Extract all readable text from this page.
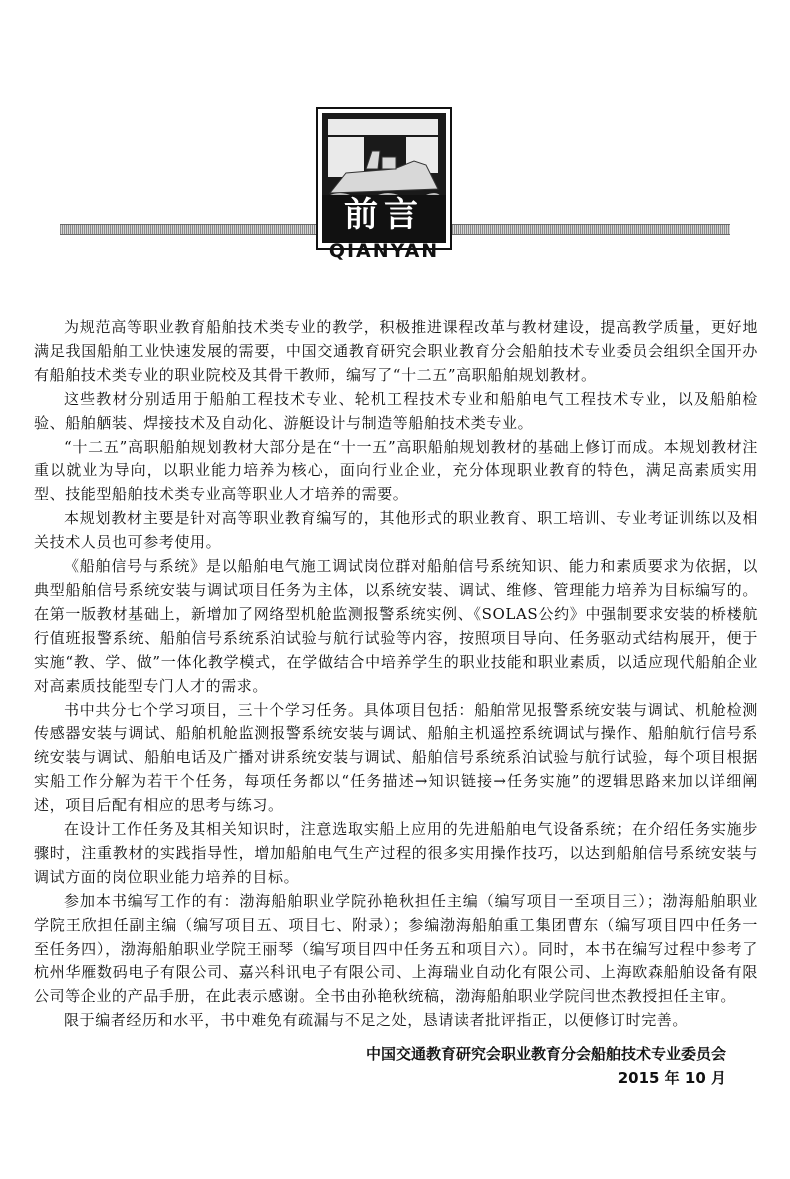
前言
QIANYAN

为规范高等职业教育船舶技术类专业的教学，积极推进课程改革与教材建设，提高教学质量，更好地满足我国船舶工业快速发展的需要，中国交通教育研究会职业教育分会船舶技术专业委员会组织全国开办有船舶技术类专业的职业院校及其骨干教师，编写了“十二五”高职船舶规划教材。

这些教材分别适用于船舶工程技术专业、轮机工程技术专业和船舶电气工程技术专业，以及船舶检验、船舶舾装、焊接技术及自动化、游艇设计与制造等船舶技术类专业。

“十二五”高职船舶规划教材大部分是在“十一五”高职船舶规划教材的基础上修订而成。本规划教材注重以就业为导向，以职业能力培养为核心，面向行业企业，充分体现职业教育的特色，满足高素质实用型、技能型船舶技术类专业高等职业人才培养的需要。

本规划教材主要是针对高等职业教育编写的，其他形式的职业教育、职工培训、专业考证训练以及相关技术人员也可参考使用。

《船舶信号与系统》是以船舶电气施工调试岗位群对船舶信号系统知识、能力和素质要求为依据，以典型船舶信号系统安装与调试项目任务为主体，以系统安装、调试、维修、管理能力培养为目标编写的。在第一版教材基础上，新增加了网络型机舱监测报警系统实例、《SOLAS公约》中强制要求安装的桥楼航行值班报警系统、船舶信号系统系泊试验与航行试验等内容，按照项目导向、任务驱动式结构展开，便于实施“教、学、做”一体化教学模式，在学做结合中培养学生的职业技能和职业素质，以适应现代船舶企业对高素质技能型专门人才的需求。

书中共分七个学习项目，三十个学习任务。具体项目包括：船舶常见报警系统安装与调试、机舱检测传感器安装与调试、船舶机舱监测报警系统安装与调试、船舶主机遥控系统调试与操作、船舶航行信号系统安装与调试、船舶电话及广播对讲系统安装与调试、船舶信号系统系泊试验与航行试验，每个项目根据实船工作分解为若干个任务，每项任务都以“任务描述→知识链接→任务实施”的逻辑思路来加以详细阐述，项目后配有相应的思考与练习。

在设计工作任务及其相关知识时，注意选取实船上应用的先进船舶电气设备系统；在介绍任务实施步骤时，注重教材的实践指导性，增加船舶电气生产过程的很多实用操作技巧，以达到船舶信号系统安装与调试方面的岗位职业能力培养的目标。

参加本书编写工作的有：渤海船舶职业学院孙艳秋担任主编（编写项目一至项目三）；渤海船舶职业学院王欣担任副主编（编写项目五、项目七、附录）；参编渤海船舶重工集团曹东（编写项目四中任务一至任务四），渤海船舶职业学院王丽琴（编写项目四中任务五和项目六）。同时，本书在编写过程中参考了杭州华雁数码电子有限公司、嘉兴科讯电子有限公司、上海瑞业自动化有限公司、上海欧森船舶设备有限公司等企业的产品手册，在此表示感谢。全书由孙艳秋统稿，渤海船舶职业学院闫世杰教授担任主审。

限于编者经历和水平，书中难免有疏漏与不足之处，恳请读者批评指正，以便修订时完善。

中国交通教育研究会职业教育分会船舶技术专业委员会
2015 年 10 月
